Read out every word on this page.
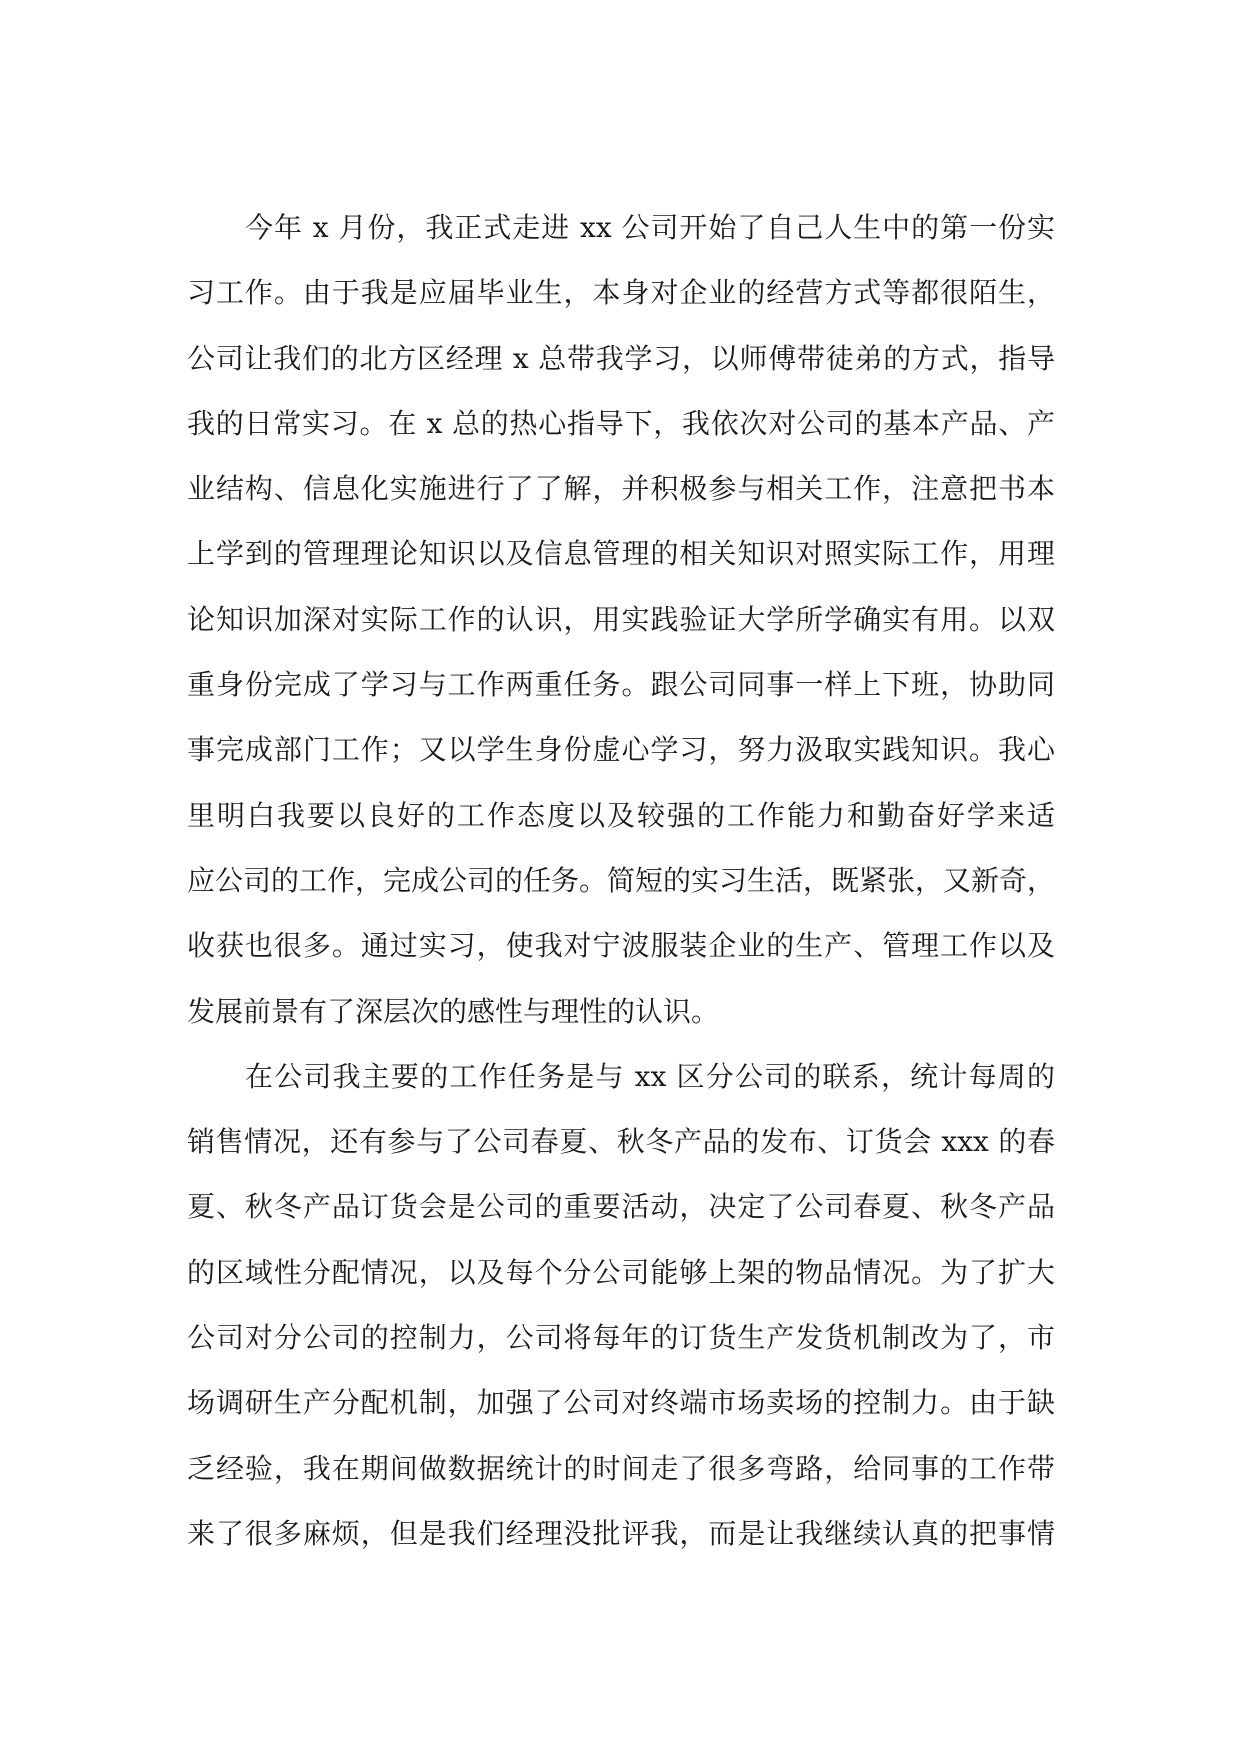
今年 x 月份，我正式走进 xx 公司开始了自己人生中的第一份实
习工作。由于我是应届毕业生，本身对企业的经营方式等都很陌生，
公司让我们的北方区经理 x 总带我学习，以师傅带徒弟的方式，指导
我的日常实习。在 x 总的热心指导下，我依次对公司的基本产品、产
业结构、信息化实施进行了了解，并积极参与相关工作，注意把书本
上学到的管理理论知识以及信息管理的相关知识对照实际工作，用理
论知识加深对实际工作的认识，用实践验证大学所学确实有用。以双
重身份完成了学习与工作两重任务。跟公司同事一样上下班，协助同
事完成部门工作；又以学生身份虚心学习，努力汲取实践知识。我心
里明白我要以良好的工作态度以及较强的工作能力和勤奋好学来适
应公司的工作，完成公司的任务。简短的实习生活，既紧张，又新奇，
收获也很多。通过实习，使我对宁波服装企业的生产、管理工作以及
发展前景有了深层次的感性与理性的认识。
在公司我主要的工作任务是与 xx 区分公司的联系，统计每周的
销售情况，还有参与了公司春夏、秋冬产品的发布、订货会 xxx 的春
夏、秋冬产品订货会是公司的重要活动，决定了公司春夏、秋冬产品
的区域性分配情况，以及每个分公司能够上架的物品情况。为了扩大
公司对分公司的控制力，公司将每年的订货生产发货机制改为了，市
场调研生产分配机制，加强了公司对终端市场卖场的控制力。由于缺
乏经验，我在期间做数据统计的时间走了很多弯路，给同事的工作带
来了很多麻烦，但是我们经理没批评我，而是让我继续认真的把事情
